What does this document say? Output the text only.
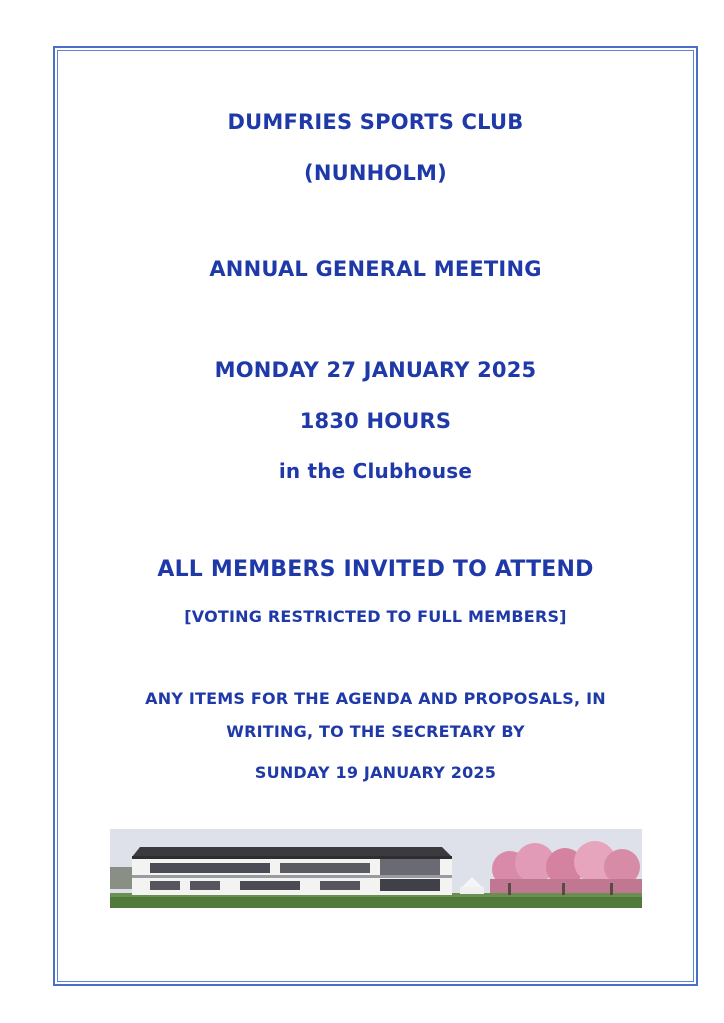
DUMFRIES SPORTS CLUB
(NUNHOLM)
ANNUAL GENERAL MEETING
MONDAY 27 JANUARY 2025
1830 HOURS
in the Clubhouse
ALL MEMBERS INVITED TO ATTEND
[VOTING RESTRICTED TO FULL MEMBERS]
ANY ITEMS FOR THE AGENDA AND PROPOSALS, IN
WRITING, TO THE SECRETARY BY
SUNDAY 19 JANUARY 2025
